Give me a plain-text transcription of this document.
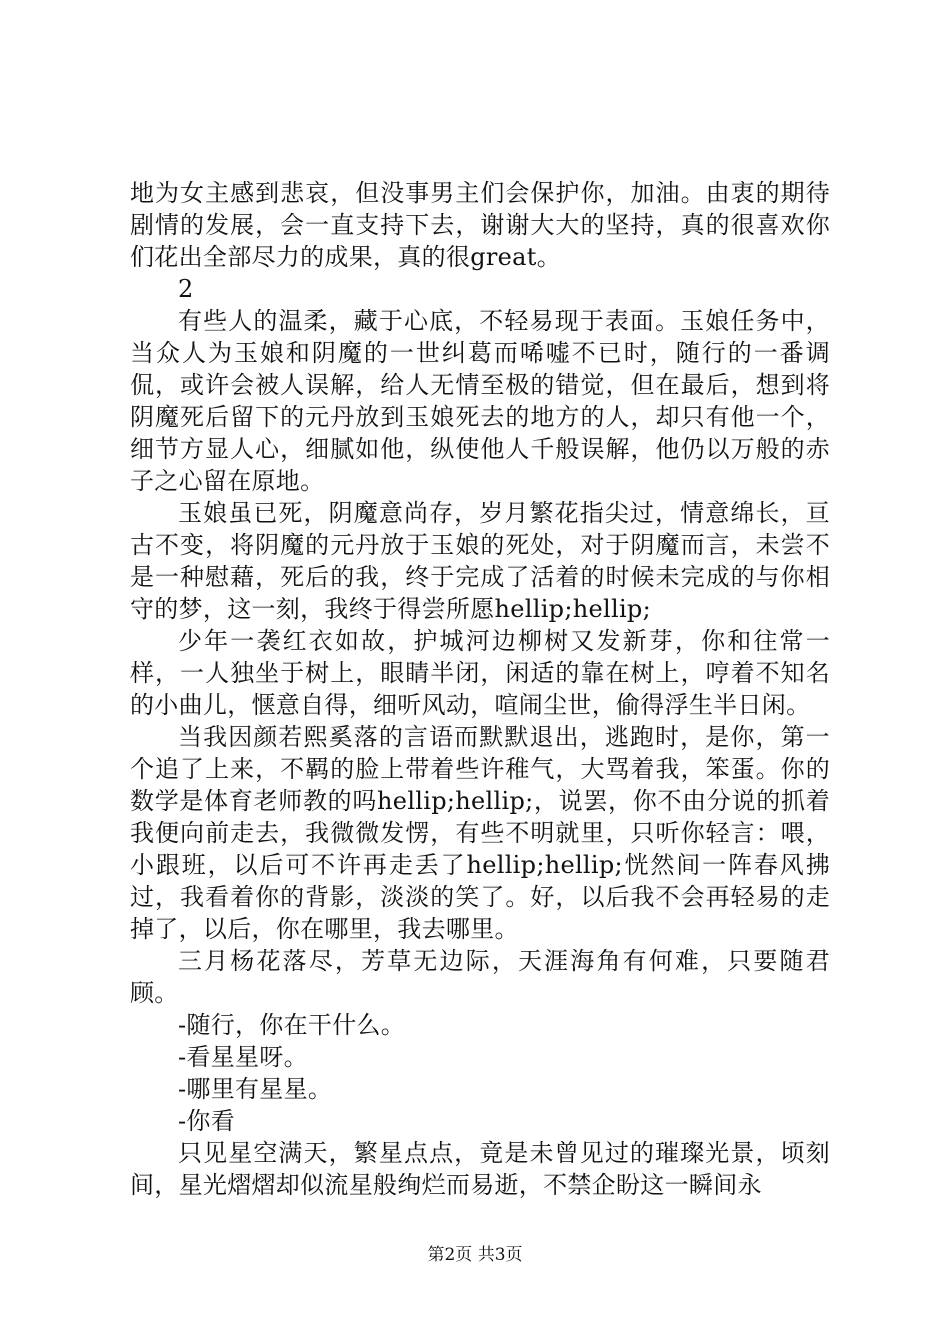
地为女主感到悲哀，但没事男主们会保护你，加油。由衷的期待剧情的发展，会一直支持下去，谢谢大大的坚持，真的很喜欢你们花出全部尽力的成果，真的很great。

2

有些人的温柔，藏于心底，不轻易现于表面。玉娘任务中，当众人为玉娘和阴魔的一世纠葛而唏嘘不已时，随行的一番调侃，或许会被人误解，给人无情至极的错觉，但在最后，想到将阴魔死后留下的元丹放到玉娘死去的地方的人，却只有他一个，细节方显人心，细腻如他，纵使他人千般误解，他仍以万般的赤子之心留在原地。

玉娘虽已死，阴魔意尚存，岁月繁花指尖过，情意绵长，亘古不变，将阴魔的元丹放于玉娘的死处，对于阴魔而言，未尝不是一种慰藉，死后的我，终于完成了活着的时候未完成的与你相守的梦，这一刻，我终于得尝所愿hellip;hellip;

少年一袭红衣如故，护城河边柳树又发新芽，你和往常一样，一人独坐于树上，眼睛半闭，闲适的靠在树上，哼着不知名的小曲儿，惬意自得，细听风动，喧闹尘世，偷得浮生半日闲。

当我因颜若熙奚落的言语而默默退出，逃跑时，是你，第一个追了上来，不羁的脸上带着些许稚气，大骂着我，笨蛋。你的数学是体育老师教的吗hellip;hellip;，说罢，你不由分说的抓着我便向前走去，我微微发愣，有些不明就里，只听你轻言：喂，小跟班，以后可不许再走丢了hellip;hellip;恍然间一阵春风拂过，我看着你的背影，淡淡的笑了。好，以后我不会再轻易的走掉了，以后，你在哪里，我去哪里。

三月杨花落尽，芳草无边际，天涯海角有何难，只要随君顾。

-随行，你在干什么。

-看星星呀。

-哪里有星星。

-你看

只见星空满天，繁星点点，竟是未曾见过的璀璨光景，顷刻间，星光熠熠却似流星般绚烂而易逝，不禁企盼这一瞬间永

第2页 共3页
